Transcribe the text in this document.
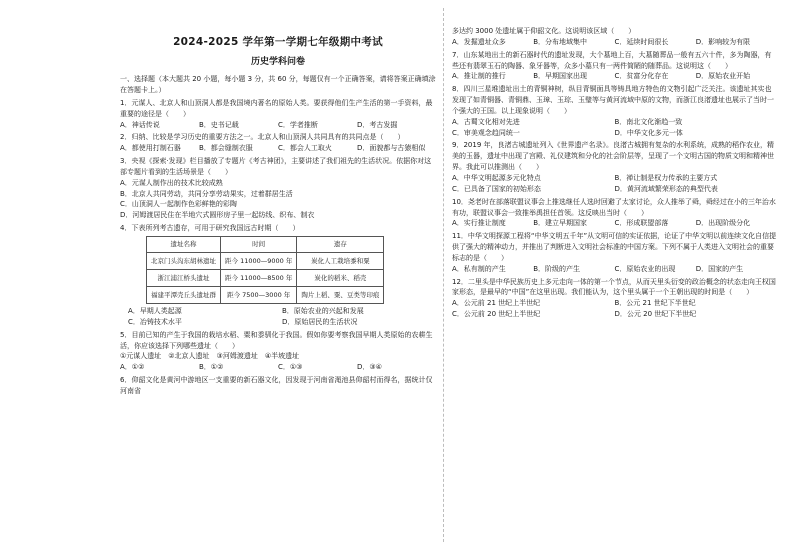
2024-2025 学年第一学期七年级期中考试
历史学科问卷

一、选择题（本大题共 20 小题，每小题 3 分，共 60 分，每题仅有一个正确答案，请将答案正确填涂在答题卡上。）

1．元谋人、北京人和山顶洞人都是我国境内著名的原始人类。要获得他们生产生活的第一手资料，最重要的途径是（　　）

A．神话传说	B．史书记载	C．学者推断	D．考古发掘

2．归纳、比较是学习历史的重要方法之一。北京人和山顶洞人共同具有的共同点是（　　）

A．都使用打制石器	B．都会缝制衣服	C．都会人工取火	D．面貌都与古猿相似

3．央视《探索·发现》栏目播放了专题片《考古神团》，主要讲述了我们祖先的生活状况。依据你对这部专题片看到的生活场景是（　　）

A．元谋人制作出的技术比较成熟
B．北京人共同劳动，共同分享劳动果实，过着群居生活
C．山顶洞人一起制作色彩鲜艳的彩陶
D．河姆渡居民住在半地穴式圆形房子里一起纺线、织布、制衣

4．下表所列考古遗存，可用于研究我国远古时期（　　）

遗址名称	时间	遗存
北京门头沟东胡林遗址	距今 11000—9000 年	炭化人工栽培黍和粟
浙江浦江桥头遗址	距今 11000—8500 年	炭化的稻米、稻壳
福建平潭壳丘头遗址群	距今 7500—3000 年	陶片上稻、粟、豆类等印痕
A．早期人类起源	B．原始农业的兴起和发展
C．冶铸技术水平	D．原始居民的生活状况

5．目前已知的产生于我国的栽培水稻、粟和黍驯化于我国。假如你要考察我国早期人类原始的农耕生活，你应该选择下列哪些遗址（　　）

①元谋人遗址　②北京人遗址　③河姆渡遗址　④半坡遗址

A．①②	B．①②	C．①③	D．③④

6．仰韶文化是黄河中游地区一支重要的新石器文化，因发现于河南省渑池县仰韶村而得名，据统计仅河南省

多达约 3000 处遗址属于仰韶文化。这说明该区域（　　）

A．发掘遗址众多	B．分布地域集中	C．延续时间很长	D．影响较为有限

7．山东某地出土的新石器时代的遗址发现，大个墓地上百，大墓随葬品一般有五六十件，多为陶器，有些还有翡翠玉石的陶器、象牙器等，众多小墓只有一两件简陋的随葬品。这说明这（　　）

A．推让制的推行	B．早期国家出现	C．贫富分化存在	D．原始农业开始

8．四川三星堆遗址出土的青铜神树，纵目青铜面具等铸具地方特色的文物引起广泛关注。该遗址其实也发现了如青铜器、青铜鼎、玉璋、玉琮、玉璧等与黄河流域中原的文物，而浙江良渚遗址也展示了当时一个强大的王国。以上现象说明（　　）

A．古蜀文化相对先进	B．南北文化渐趋一致
C．审美观念趋同统一	D．中华文化多元一体

9．2019 年，良渚古城遗址列入《世界遗产名录》。良渚古城拥有复杂的水利系统，成熟的稻作农业，精美的玉器，遗址中出现了宫殿、礼仪建筑和分化的社会阶层等，呈现了一个文明古国的物质文明和精神世界。我此可以推测出（　　）

A．中华文明起源多元化特点	B．禅让制是权力传承的主要方式
C．已具备了国家的初始形态	D．黄河流域繁荣形态的典型代表

10．尧老时在部落联盟议事会上推选继任人选时回避了太家讨论，众人推举了舜，舜经过在小的三年治水有功，联盟议事会一致推举禹担任首领。这反映出当时（　　）

A．实行推让制度	B．建立早期国家	C．形成联盟部落	D．出现阶级分化

11．中华文明探源工程将“中华文明五千年”从文明可信的实证依据，论证了中华文明以前连续文化自信提供了强大的精神动力，并推出了判断进入文明社会标准的中国方案。下列不属于人类进入文明社会的重要标志的是（　　）

A．私有制的产生	B．阶级的产生	C．原始农业的出现	D．国家的产生

12．二里头是中华民族历史上多元走向一体的第一个节点，从而天里头衍变的政治概念的状态走向王权国家形态，是最早的“中国”在这里出现。我们能认为，这个里头属于一个王朝出现的时间是（　　）

A．公元前 21 世纪上半世纪	B．公元 21 世纪下半世纪
C．公元前 20 世纪上半世纪	D．公元 20 世纪下半世纪
